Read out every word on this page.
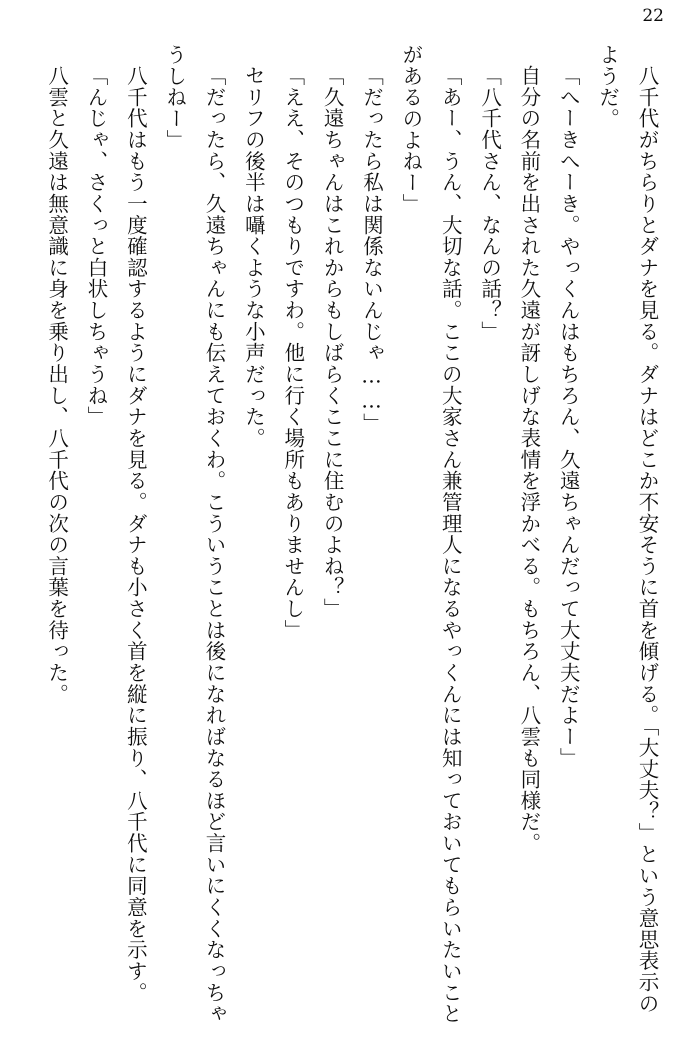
22

八千代がちらりとダナを見る。ダナはどこか不安そうに首を傾げる。「大丈夫？」という意思表示のようだ。

「へーきへーき。やっくんはもちろん、久遠ちゃんだって大丈夫だよー」

自分の名前を出された久遠が訝しげな表情を浮かべる。もちろん、八雲も同様だ。

「八千代さん、なんの話？」

「あー、うん、大切な話。ここの大家さん兼管理人になるやっくんには知っておいてもらいたいことがあるのよねー」

「だったら私は関係ないんじゃ……」

「久遠ちゃんはこれからもしばらくここに住むのよね？」

「ええ、そのつもりですわ。他に行く場所もありませんし」

セリフの後半は囁くような小声だった。

「だったら、久遠ちゃんにも伝えておくわ。こういうことは後になればなるほど言いにくくなっちゃうしねー」

八千代はもう一度確認するようにダナを見る。ダナも小さく首を縦に振り、八千代に同意を示す。

「んじゃ、さくっと白状しちゃうね」

八雲と久遠は無意識に身を乗り出し、八千代の次の言葉を待った。
